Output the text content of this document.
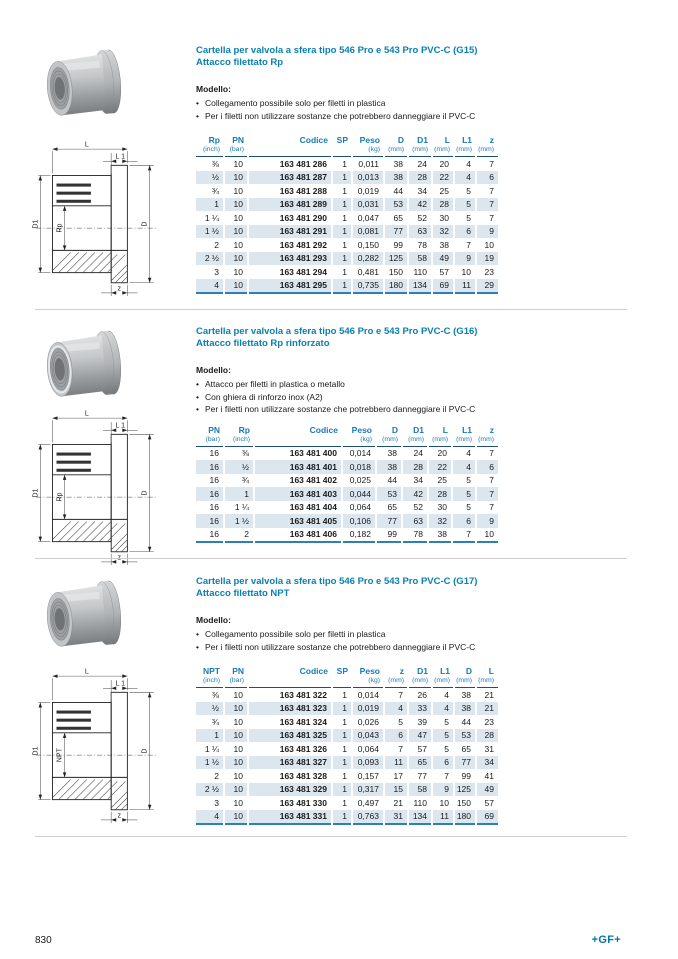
L
L 1
D1 Rp	D
z
Cartella per valvola a sfera tipo 546 Pro e 543 Pro PVC-C (G15)
Attacco filettato Rp
Modello:
• Collegamento possibile solo per filetti in plastica
• Per i filetti non utilizzare sostanze che potrebbero danneggiare il PVC-C
Rp	PN	Codice	SP	Peso	D	D1	L	L1	z
(inch)	(bar)			(kg)	(mm)	(mm)	(mm)	(mm)	(mm)
⅜	10	163 481 286	1	0,011	38	24	20	4	7
½	10	163 481 287	1	0,013	38	28	22	4	6
¾	10	163 481 288	1	0,019	44	34	25	5	7
1	10	163 481 289	1	0,031	53	42	28	5	7
1 ¼	10	163 481 290	1	0,047	65	52	30	5	7
1 ½	10	163 481 291	1	0,081	77	63	32	6	9
2	10	163 481 292	1	0,150	99	78	38	7	10
2 ½	10	163 481 293	1	0,282	125	58	49	9	19
3	10	163 481 294	1	0,481	150	110	57	10	23
4	10	163 481 295	1	0,735	180	134	69	11	29
L
L 1
D1 Rp	D
Cartella per valvola a sfera tipo 546 Pro e 543 Pro PVC-C (G16)
Attacco filettato Rp rinforzato
Modello:
• Attacco per filetti in plastica o metallo
• Con ghiera di rinforzo inox (A2)
• Per i filetti non utilizzare sostanze che potrebbero danneggiare il PVC-C
PN	Rp	Codice	Peso	D	D1	L	L1	z
(bar)	(inch)		(kg)	(mm)	(mm)	(mm)	(mm)	(mm)
16	⅜	163 481 400	0,014	38	24	20	4	7
16	½	163 481 401	0,018	38	28	22	4	6
16	¾	163 481 402	0,025	44	34	25	5	7
16	1	163 481 403	0,044	53	42	28	5	7
16	1 ¼	163 481 404	0,064	65	52	30	5	7
16	1 ½	163 481 405	0,106	77	63	32	6	9
16	2	163 481 406	0,182	99	78	38	7	10
L
L 1
D1 NPT	D
z
Cartella per valvola a sfera tipo 546 Pro e 543 Pro PVC-C (G17)
Attacco filettato NPT
Modello:
• Collegamento possibile solo per filetti in plastica
• Per i filetti non utilizzare sostanze che potrebbero danneggiare il PVC-C
NPT	PN	Codice	SP	Peso	z	D1	L1	D	L
(inch)	(bar)			(kg)	(mm)	(mm)	(mm)	(mm)	(mm)
⅜	10	163 481 322	1	0,014	7	26	4	38	21
½	10	163 481 323	1	0,019	4	33	4	38	21
¾	10	163 481 324	1	0,026	5	39	5	44	23
1	10	163 481 325	1	0,043	6	47	5	53	28
1 ¼	10	163 481 326	1	0,064	7	57	5	65	31
1 ½	10	163 481 327	1	0,093	11	65	6	77	34
2	10	163 481 328	1	0,157	17	77	7	99	41
2 ½	10	163 481 329	1	0,317	15	58	9	125	49
3	10	163 481 330	1	0,497	21	110	10	150	57
4	10	163 481 331	1	0,763	31	134	11	180	69
830	+GF+
